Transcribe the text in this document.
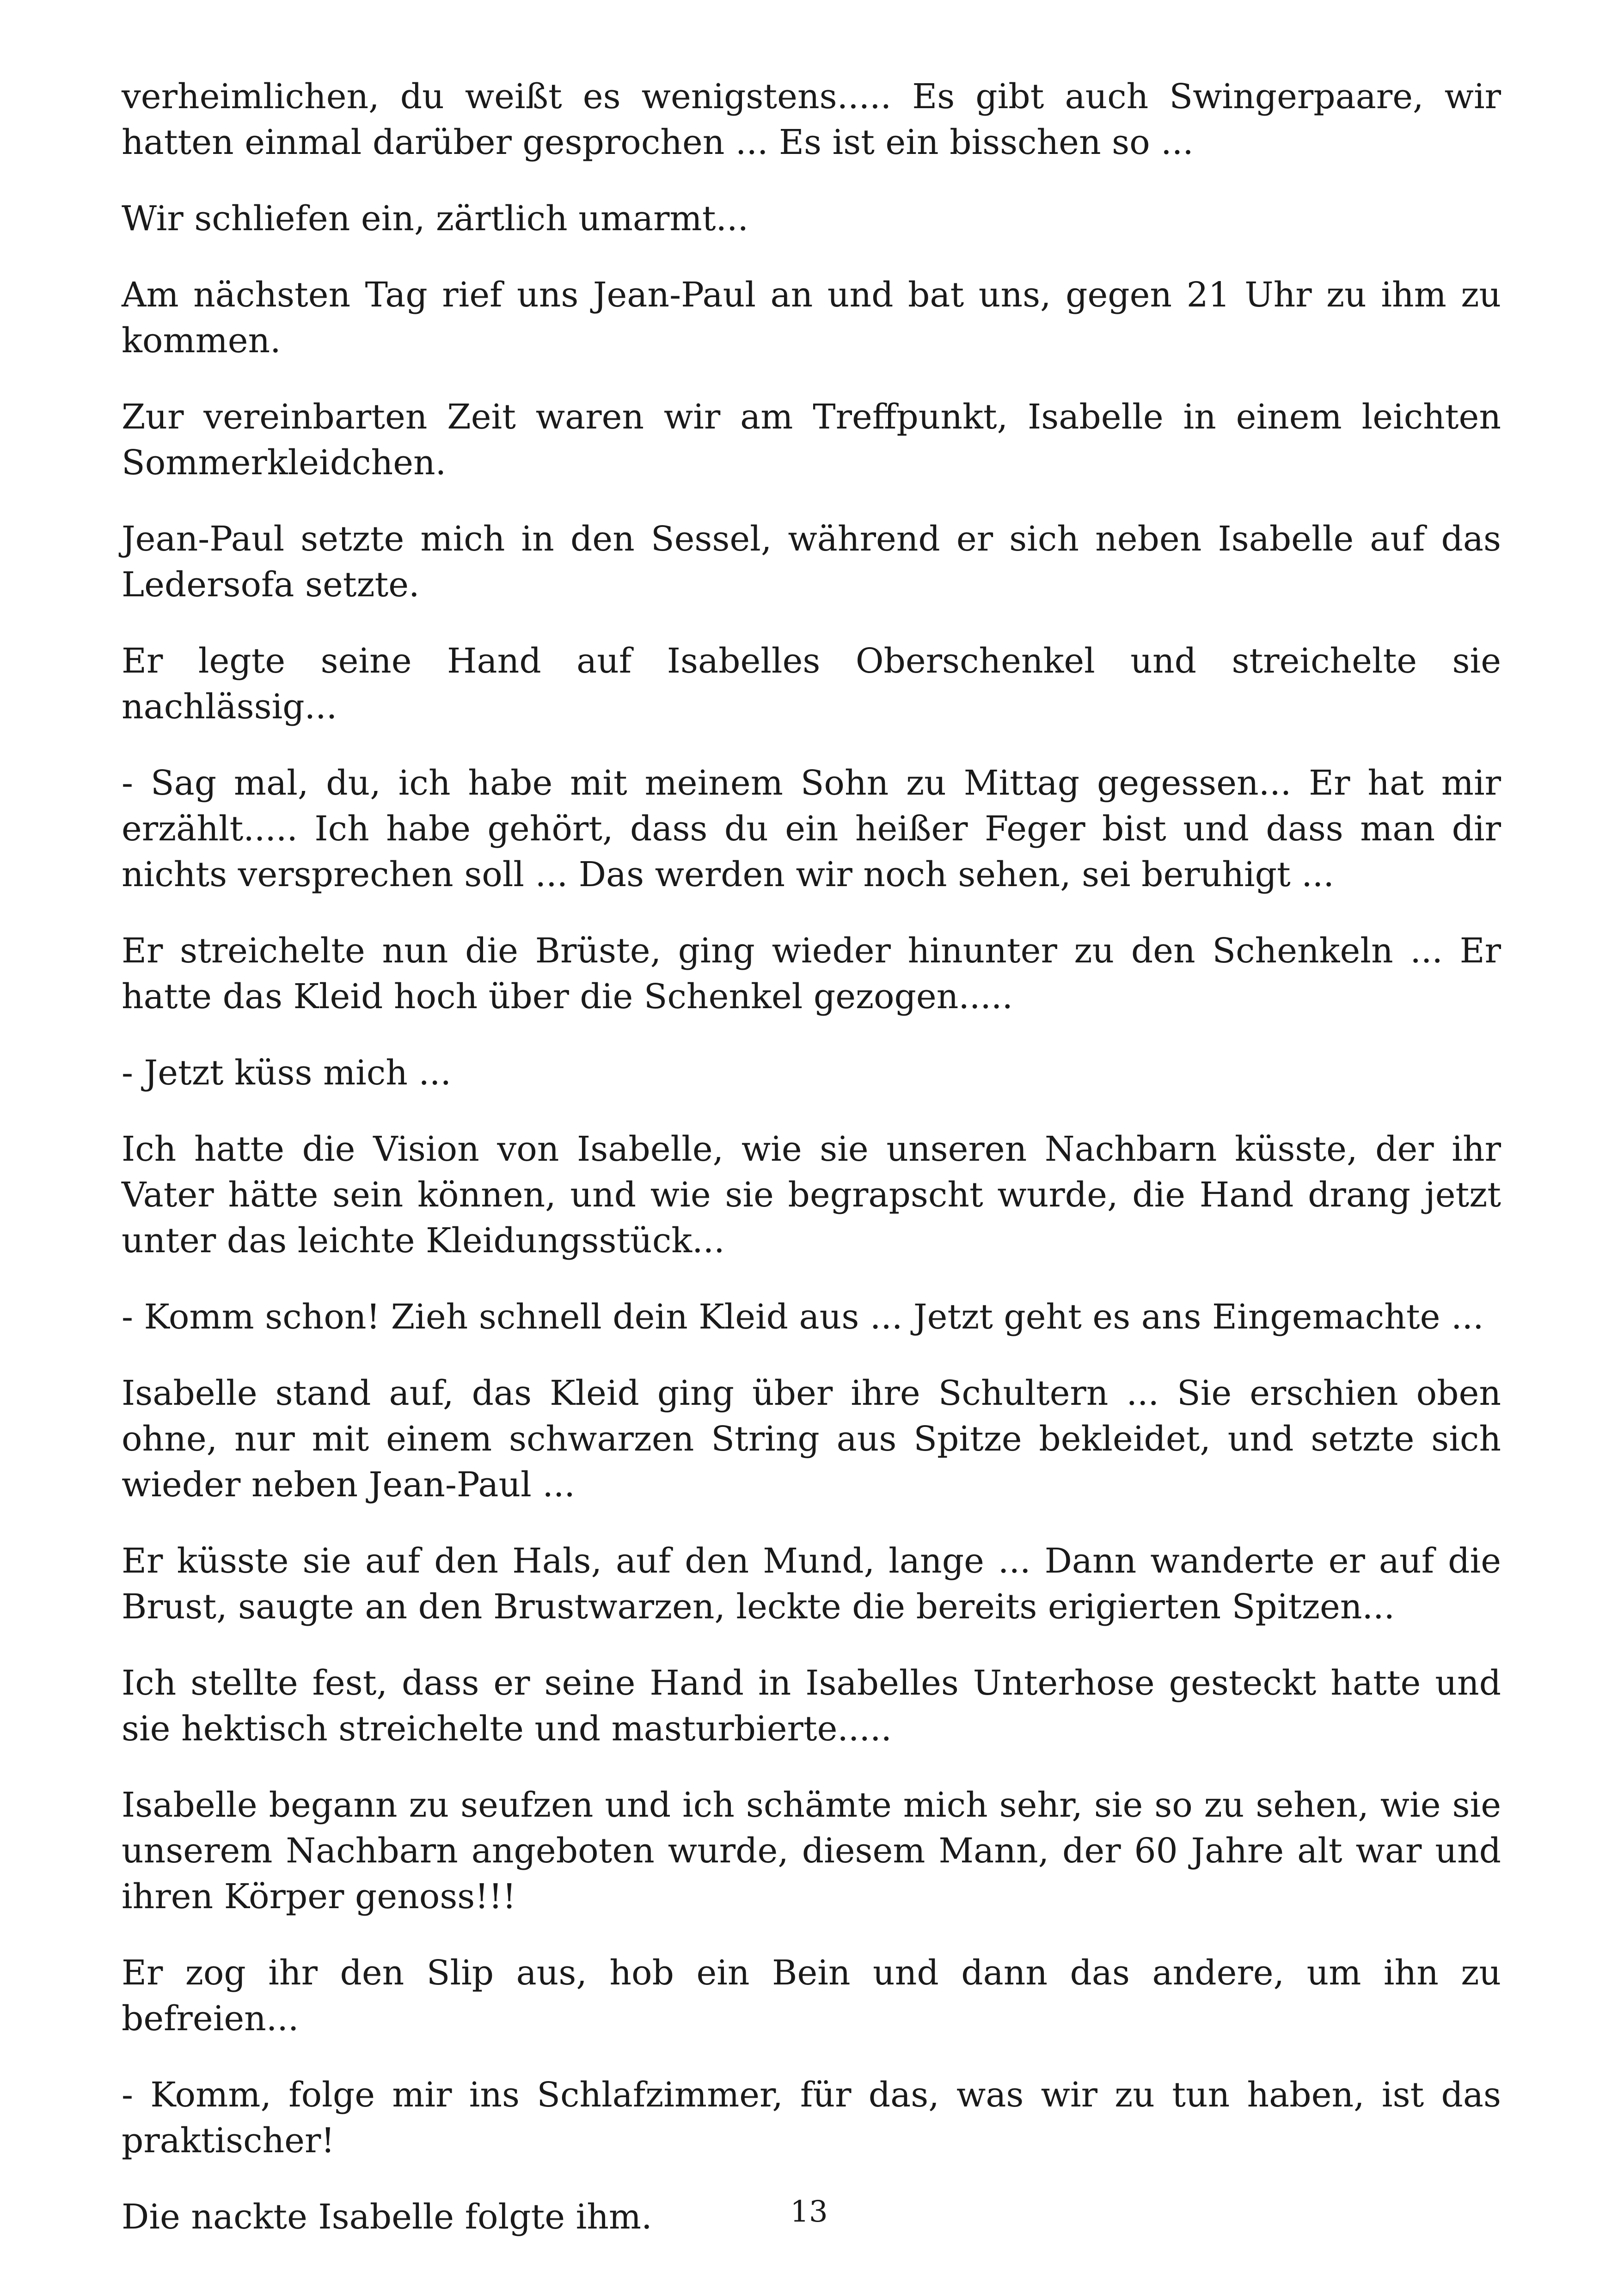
verheimlichen, du weißt es wenigstens..... Es gibt auch Swingerpaare, wir hatten einmal darüber gesprochen ... Es ist ein bisschen so ...

Wir schliefen ein, zärtlich umarmt...

Am nächsten Tag rief uns Jean-Paul an und bat uns, gegen 21 Uhr zu ihm zu kommen.

Zur vereinbarten Zeit waren wir am Treffpunkt, Isabelle in einem leichten Sommerkleidchen.

Jean-Paul setzte mich in den Sessel, während er sich neben Isabelle auf das Ledersofa setzte.

Er legte seine Hand auf Isabelles Oberschenkel und streichelte sie nachlässig...

- Sag mal, du, ich habe mit meinem Sohn zu Mittag gegessen... Er hat mir erzählt..... Ich habe gehört, dass du ein heißer Feger bist und dass man dir nichts versprechen soll ... Das werden wir noch sehen, sei beruhigt ...

Er streichelte nun die Brüste, ging wieder hinunter zu den Schenkeln ... Er hatte das Kleid hoch über die Schenkel gezogen.....

- Jetzt küss mich ...

Ich hatte die Vision von Isabelle, wie sie unseren Nachbarn küsste, der ihr Vater hätte sein können, und wie sie begrapscht wurde, die Hand drang jetzt unter das leichte Kleidungsstück...

- Komm schon! Zieh schnell dein Kleid aus ... Jetzt geht es ans Eingemachte ...

Isabelle stand auf, das Kleid ging über ihre Schultern ... Sie erschien oben ohne, nur mit einem schwarzen String aus Spitze bekleidet, und setzte sich wieder neben Jean-Paul ...

Er küsste sie auf den Hals, auf den Mund, lange ... Dann wanderte er auf die Brust, saugte an den Brustwarzen, leckte die bereits erigierten Spitzen...

Ich stellte fest, dass er seine Hand in Isabelles Unterhose gesteckt hatte und sie hektisch streichelte und masturbierte.....

Isabelle begann zu seufzen und ich schämte mich sehr, sie so zu sehen, wie sie unserem Nachbarn angeboten wurde, diesem Mann, der 60 Jahre alt war und ihren Körper genoss!!!

Er zog ihr den Slip aus, hob ein Bein und dann das andere, um ihn zu befreien...

- Komm, folge mir ins Schlafzimmer, für das, was wir zu tun haben, ist das praktischer!

Die nackte Isabelle folgte ihm.	13
